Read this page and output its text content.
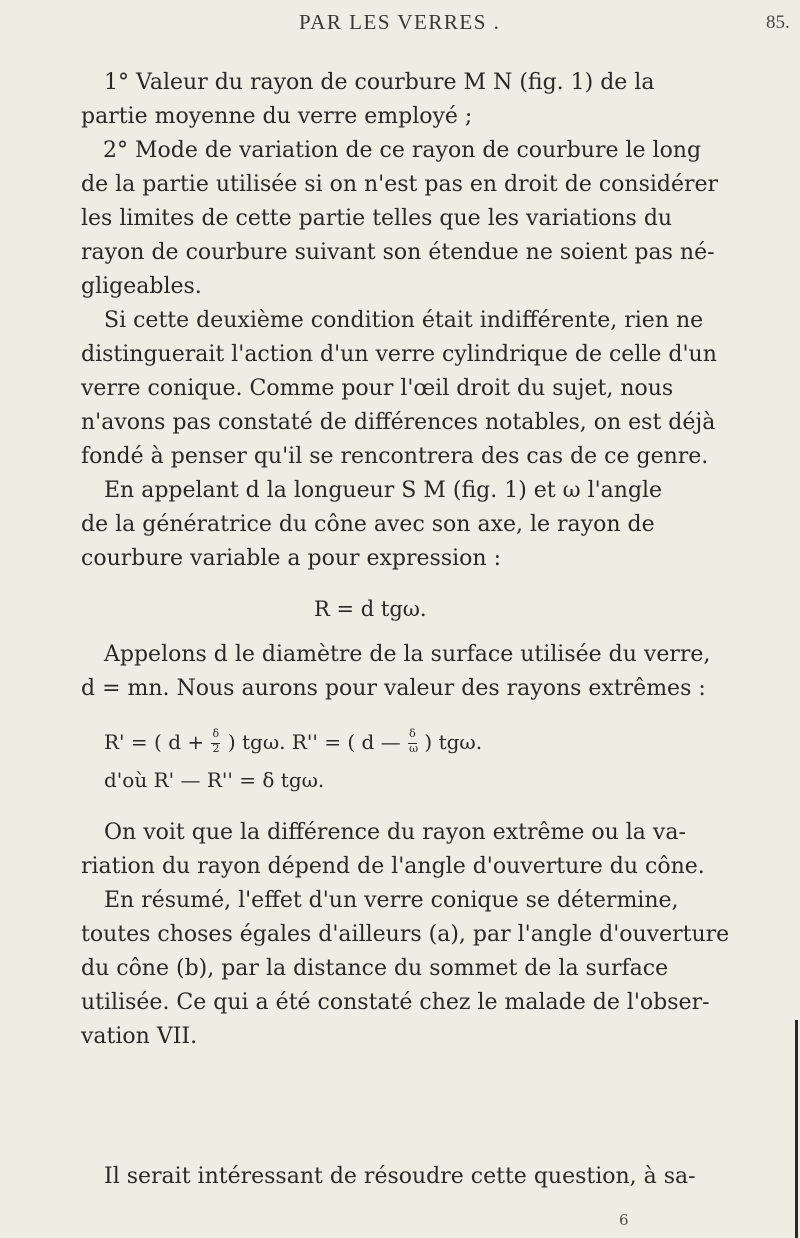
PAR LES VERRES .	85.
1° Valeur du rayon de courbure M N (fig. 1) de la
partie moyenne du verre employé ;
2° Mode de variation de ce rayon de courbure le long
de la partie utilisée si on n'est pas en droit de considérer
les limites de cette partie telles que les variations du
rayon de courbure suivant son étendue ne soient pas né-
gligeables.
Si cette deuxième condition était indifférente, rien ne
distinguerait l'action d'un verre cylindrique de celle d'un
verre conique. Comme pour l'œil droit du sujet, nous
n'avons pas constaté de différences notables, on est déjà
fondé à penser qu'il se rencontrera des cas de ce genre.
En appelant d la longueur S M (fig. 1) et ω l'angle
de la génératrice du cône avec son axe, le rayon de
courbure variable a pour expression :
R = d tgω.
Appelons d le diamètre de la surface utilisée du verre,
d = mn. Nous aurons pour valeur des rayons extrêmes :
R' = ( $d + \frac{\delta}{2}$ ) tgω. R'' = ( d — $\frac{\delta}{\omega}$ ) tgω.
d'où R' — R'' = δ tgω.
On voit que la différence du rayon extrême ou la va-
riation du rayon dépend de l'angle d'ouverture du cône.
En résumé, l'effet d'un verre conique se détermine,
toutes choses égales d'ailleurs (a), par l'angle d'ouverture
du cône (b), par la distance du sommet de la surface
utilisée. Ce qui a été constaté chez le malade de l'obser-
vation VII.
Il serait intéressant de résoudre cette question, à sa-
6
